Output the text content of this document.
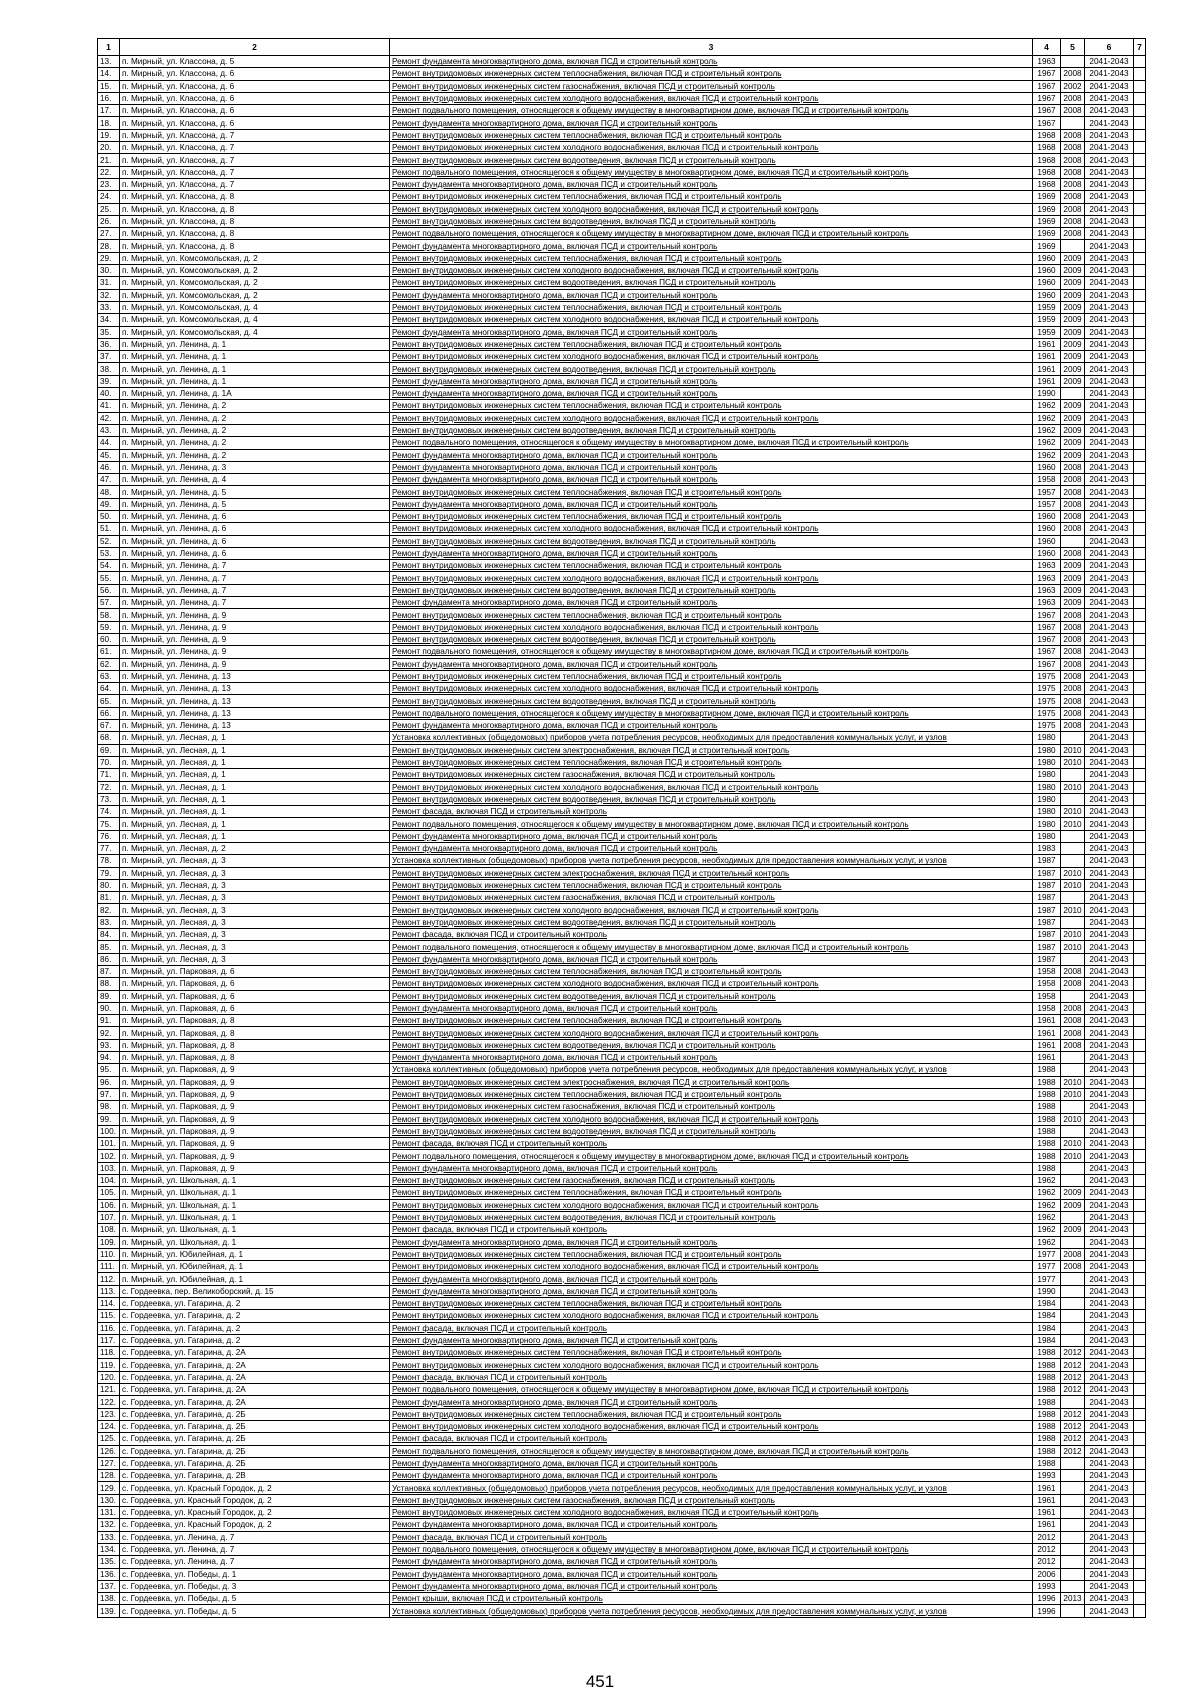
1	2	3	4	5	6	7
13.	п. Мирный, ул. Классона, д. 5	Ремонт фундамента многоквартирного дома, включая ПСД и строительный контроль	1963		2041-2043	
14.	п. Мирный, ул. Классона, д. 6	Ремонт внутридомовых инженерных систем теплоснабжения, включая ПСД и строительный контроль	1967	2008	2041-2043	
15.	п. Мирный, ул. Классона, д. 6	Ремонт внутридомовых инженерных систем газоснабжения, включая ПСД и строительный контроль	1967	2002	2041-2043	
16.	п. Мирный, ул. Классона, д. 6	Ремонт внутридомовых инженерных систем холодного водоснабжения, включая ПСД и строительный контроль	1967	2008	2041-2043	
17.	п. Мирный, ул. Классона, д. 6	Ремонт подвального помещения, относящегося к общему имуществу в многоквартирном доме, включая ПСД и строительный контроль	1967	2008	2041-2043	
18.	п. Мирный, ул. Классона, д. 6	Ремонт фундамента многоквартирного дома, включая ПСД и строительный контроль	1967		2041-2043	
19.	п. Мирный, ул. Классона, д. 7	Ремонт внутридомовых инженерных систем теплоснабжения, включая ПСД и строительный контроль	1968	2008	2041-2043	
20.	п. Мирный, ул. Классона, д. 7	Ремонт внутридомовых инженерных систем холодного водоснабжения, включая ПСД и строительный контроль	1968	2008	2041-2043	
21.	п. Мирный, ул. Классона, д. 7	Ремонт внутридомовых инженерных систем водоотведения, включая ПСД и строительный контроль	1968	2008	2041-2043	
22.	п. Мирный, ул. Классона, д. 7	Ремонт подвального помещения, относящегося к общему имуществу в многоквартирном доме, включая ПСД и строительный контроль	1968	2008	2041-2043	
23.	п. Мирный, ул. Классона, д. 7	Ремонт фундамента многоквартирного дома, включая ПСД и строительный контроль	1968	2008	2041-2043	
24.	п. Мирный, ул. Классона, д. 8	Ремонт внутридомовых инженерных систем теплоснабжения, включая ПСД и строительный контроль	1969	2008	2041-2043	
25.	п. Мирный, ул. Классона, д. 8	Ремонт внутридомовых инженерных систем холодного водоснабжения, включая ПСД и строительный контроль	1969	2008	2041-2043	
26.	п. Мирный, ул. Классона, д. 8	Ремонт внутридомовых инженерных систем водоотведения, включая ПСД и строительный контроль	1969	2008	2041-2043	
27.	п. Мирный, ул. Классона, д. 8	Ремонт подвального помещения, относящегося к общему имуществу в многоквартирном доме, включая ПСД и строительный контроль	1969	2008	2041-2043	
28.	п. Мирный, ул. Классона, д. 8	Ремонт фундамента многоквартирного дома, включая ПСД и строительный контроль	1969		2041-2043	
29.	п. Мирный, ул. Комсомольская, д. 2	Ремонт внутридомовых инженерных систем теплоснабжения, включая ПСД и строительный контроль	1960	2009	2041-2043	
30.	п. Мирный, ул. Комсомольская, д. 2	Ремонт внутридомовых инженерных систем холодного водоснабжения, включая ПСД и строительный контроль	1960	2009	2041-2043	
31.	п. Мирный, ул. Комсомольская, д. 2	Ремонт внутридомовых инженерных систем водоотведения, включая ПСД и строительный контроль	1960	2009	2041-2043	
32.	п. Мирный, ул. Комсомольская, д. 2	Ремонт фундамента многоквартирного дома, включая ПСД и строительный контроль	1960	2009	2041-2043	
33.	п. Мирный, ул. Комсомольская, д. 4	Ремонт внутридомовых инженерных систем теплоснабжения, включая ПСД и строительный контроль	1959	2009	2041-2043	
34.	п. Мирный, ул. Комсомольская, д. 4	Ремонт внутридомовых инженерных систем холодного водоснабжения, включая ПСД и строительный контроль	1959	2009	2041-2043	
35.	п. Мирный, ул. Комсомольская, д. 4	Ремонт фундамента многоквартирного дома, включая ПСД и строительный контроль	1959	2009	2041-2043	
36.	п. Мирный, ул. Ленина, д. 1	Ремонт внутридомовых инженерных систем теплоснабжения, включая ПСД и строительный контроль	1961	2009	2041-2043	
37.	п. Мирный, ул. Ленина, д. 1	Ремонт внутридомовых инженерных систем холодного водоснабжения, включая ПСД и строительный контроль	1961	2009	2041-2043	
38.	п. Мирный, ул. Ленина, д. 1	Ремонт внутридомовых инженерных систем водоотведения, включая ПСД и строительный контроль	1961	2009	2041-2043	
39.	п. Мирный, ул. Ленина, д. 1	Ремонт фундамента многоквартирного дома, включая ПСД и строительный контроль	1961	2009	2041-2043	
40.	п. Мирный, ул. Ленина, д. 1А	Ремонт фундамента многоквартирного дома, включая ПСД и строительный контроль	1990		2041-2043	
41.	п. Мирный, ул. Ленина, д. 2	Ремонт внутридомовых инженерных систем теплоснабжения, включая ПСД и строительный контроль	1962	2009	2041-2043	
42.	п. Мирный, ул. Ленина, д. 2	Ремонт внутридомовых инженерных систем холодного водоснабжения, включая ПСД и строительный контроль	1962	2009	2041-2043	
43.	п. Мирный, ул. Ленина, д. 2	Ремонт внутридомовых инженерных систем водоотведения, включая ПСД и строительный контроль	1962	2009	2041-2043	
44.	п. Мирный, ул. Ленина, д. 2	Ремонт подвального помещения, относящегося к общему имуществу в многоквартирном доме, включая ПСД и строительный контроль	1962	2009	2041-2043	
45.	п. Мирный, ул. Ленина, д. 2	Ремонт фундамента многоквартирного дома, включая ПСД и строительный контроль	1962	2009	2041-2043	
46.	п. Мирный, ул. Ленина, д. 3	Ремонт фундамента многоквартирного дома, включая ПСД и строительный контроль	1960	2008	2041-2043	
47.	п. Мирный, ул. Ленина, д. 4	Ремонт фундамента многоквартирного дома, включая ПСД и строительный контроль	1958	2008	2041-2043	
48.	п. Мирный, ул. Ленина, д. 5	Ремонт внутридомовых инженерных систем теплоснабжения, включая ПСД и строительный контроль	1957	2008	2041-2043	
49.	п. Мирный, ул. Ленина, д. 5	Ремонт фундамента многоквартирного дома, включая ПСД и строительный контроль	1957	2008	2041-2043	
50.	п. Мирный, ул. Ленина, д. 6	Ремонт внутридомовых инженерных систем теплоснабжения, включая ПСД и строительный контроль	1960	2008	2041-2043	
51.	п. Мирный, ул. Ленина, д. 6	Ремонт внутридомовых инженерных систем холодного водоснабжения, включая ПСД и строительный контроль	1960	2008	2041-2043	
52.	п. Мирный, ул. Ленина, д. 6	Ремонт внутридомовых инженерных систем водоотведения, включая ПСД и строительный контроль	1960		2041-2043	
53.	п. Мирный, ул. Ленина, д. 6	Ремонт фундамента многоквартирного дома, включая ПСД и строительный контроль	1960	2008	2041-2043	
54.	п. Мирный, ул. Ленина, д. 7	Ремонт внутридомовых инженерных систем теплоснабжения, включая ПСД и строительный контроль	1963	2009	2041-2043	
55.	п. Мирный, ул. Ленина, д. 7	Ремонт внутридомовых инженерных систем холодного водоснабжения, включая ПСД и строительный контроль	1963	2009	2041-2043	
56.	п. Мирный, ул. Ленина, д. 7	Ремонт внутридомовых инженерных систем водоотведения, включая ПСД и строительный контроль	1963	2009	2041-2043	
57.	п. Мирный, ул. Ленина, д. 7	Ремонт фундамента многоквартирного дома, включая ПСД и строительный контроль	1963	2009	2041-2043	
58.	п. Мирный, ул. Ленина, д. 9	Ремонт внутридомовых инженерных систем теплоснабжения, включая ПСД и строительный контроль	1967	2008	2041-2043	
59.	п. Мирный, ул. Ленина, д. 9	Ремонт внутридомовых инженерных систем холодного водоснабжения, включая ПСД и строительный контроль	1967	2008	2041-2043	
60.	п. Мирный, ул. Ленина, д. 9	Ремонт внутридомовых инженерных систем водоотведения, включая ПСД и строительный контроль	1967	2008	2041-2043	
61.	п. Мирный, ул. Ленина, д. 9	Ремонт подвального помещения, относящегося к общему имуществу в многоквартирном доме, включая ПСД и строительный контроль	1967	2008	2041-2043	
62.	п. Мирный, ул. Ленина, д. 9	Ремонт фундамента многоквартирного дома, включая ПСД и строительный контроль	1967	2008	2041-2043	
63.	п. Мирный, ул. Ленина, д. 13	Ремонт внутридомовых инженерных систем теплоснабжения, включая ПСД и строительный контроль	1975	2008	2041-2043	
64.	п. Мирный, ул. Ленина, д. 13	Ремонт внутридомовых инженерных систем холодного водоснабжения, включая ПСД и строительный контроль	1975	2008	2041-2043	
65.	п. Мирный, ул. Ленина, д. 13	Ремонт внутридомовых инженерных систем водоотведения, включая ПСД и строительный контроль	1975	2008	2041-2043	
66.	п. Мирный, ул. Ленина, д. 13	Ремонт подвального помещения, относящегося к общему имуществу в многоквартирном доме, включая ПСД и строительный контроль	1975	2008	2041-2043	
67.	п. Мирный, ул. Ленина, д. 13	Ремонт фундамента многоквартирного дома, включая ПСД и строительный контроль	1975	2008	2041-2043	
68.	п. Мирный, ул. Лесная, д. 1	Установка коллективных (общедомовых) приборов учета потребления ресурсов, необходимых для предоставления коммунальных услуг, и узлов	1980		2041-2043	
69.	п. Мирный, ул. Лесная, д. 1	Ремонт внутридомовых инженерных систем электроснабжения, включая ПСД и строительный контроль	1980	2010	2041-2043	
70.	п. Мирный, ул. Лесная, д. 1	Ремонт внутридомовых инженерных систем теплоснабжения, включая ПСД и строительный контроль	1980	2010	2041-2043	
71.	п. Мирный, ул. Лесная, д. 1	Ремонт внутридомовых инженерных систем газоснабжения, включая ПСД и строительный контроль	1980		2041-2043	
72.	п. Мирный, ул. Лесная, д. 1	Ремонт внутридомовых инженерных систем холодного водоснабжения, включая ПСД и строительный контроль	1980	2010	2041-2043	
73.	п. Мирный, ул. Лесная, д. 1	Ремонт внутридомовых инженерных систем водоотведения, включая ПСД и строительный контроль	1980		2041-2043	
74.	п. Мирный, ул. Лесная, д. 1	Ремонт фасада, включая ПСД и строительный контроль	1980	2010	2041-2043	
75.	п. Мирный, ул. Лесная, д. 1	Ремонт подвального помещения, относящегося к общему имуществу в многоквартирном доме, включая ПСД и строительный контроль	1980	2010	2041-2043	
76.	п. Мирный, ул. Лесная, д. 1	Ремонт фундамента многоквартирного дома, включая ПСД и строительный контроль	1980		2041-2043	
77.	п. Мирный, ул. Лесная, д. 2	Ремонт фундамента многоквартирного дома, включая ПСД и строительный контроль	1983		2041-2043	
78.	п. Мирный, ул. Лесная, д. 3	Установка коллективных (общедомовых) приборов учета потребления ресурсов, необходимых для предоставления коммунальных услуг, и узлов	1987		2041-2043	
79.	п. Мирный, ул. Лесная, д. 3	Ремонт внутридомовых инженерных систем электроснабжения, включая ПСД и строительный контроль	1987	2010	2041-2043	
80.	п. Мирный, ул. Лесная, д. 3	Ремонт внутридомовых инженерных систем теплоснабжения, включая ПСД и строительный контроль	1987	2010	2041-2043	
81.	п. Мирный, ул. Лесная, д. 3	Ремонт внутридомовых инженерных систем газоснабжения, включая ПСД и строительный контроль	1987		2041-2043	
82.	п. Мирный, ул. Лесная, д. 3	Ремонт внутридомовых инженерных систем холодного водоснабжения, включая ПСД и строительный контроль	1987	2010	2041-2043	
83.	п. Мирный, ул. Лесная, д. 3	Ремонт внутридомовых инженерных систем водоотведения, включая ПСД и строительный контроль	1987		2041-2043	
84.	п. Мирный, ул. Лесная, д. 3	Ремонт фасада, включая ПСД и строительный контроль	1987	2010	2041-2043	
85.	п. Мирный, ул. Лесная, д. 3	Ремонт подвального помещения, относящегося к общему имуществу в многоквартирном доме, включая ПСД и строительный контроль	1987	2010	2041-2043	
86.	п. Мирный, ул. Лесная, д. 3	Ремонт фундамента многоквартирного дома, включая ПСД и строительный контроль	1987		2041-2043	
87.	п. Мирный, ул. Парковая, д. 6	Ремонт внутридомовых инженерных систем теплоснабжения, включая ПСД и строительный контроль	1958	2008	2041-2043	
88.	п. Мирный, ул. Парковая, д. 6	Ремонт внутридомовых инженерных систем холодного водоснабжения, включая ПСД и строительный контроль	1958	2008	2041-2043	
89.	п. Мирный, ул. Парковая, д. 6	Ремонт внутридомовых инженерных систем водоотведения, включая ПСД и строительный контроль	1958		2041-2043	
90.	п. Мирный, ул. Парковая, д. 6	Ремонт фундамента многоквартирного дома, включая ПСД и строительный контроль	1958	2008	2041-2043	
91.	п. Мирный, ул. Парковая, д. 8	Ремонт внутридомовых инженерных систем теплоснабжения, включая ПСД и строительный контроль	1961	2008	2041-2043	
92.	п. Мирный, ул. Парковая, д. 8	Ремонт внутридомовых инженерных систем холодного водоснабжения, включая ПСД и строительный контроль	1961	2008	2041-2043	
93.	п. Мирный, ул. Парковая, д. 8	Ремонт внутридомовых инженерных систем водоотведения, включая ПСД и строительный контроль	1961	2008	2041-2043	
94.	п. Мирный, ул. Парковая, д. 8	Ремонт фундамента многоквартирного дома, включая ПСД и строительный контроль	1961		2041-2043	
95.	п. Мирный, ул. Парковая, д. 9	Установка коллективных (общедомовых) приборов учета потребления ресурсов, необходимых для предоставления коммунальных услуг, и узлов	1988		2041-2043	
96.	п. Мирный, ул. Парковая, д. 9	Ремонт внутридомовых инженерных систем электроснабжения, включая ПСД и строительный контроль	1988	2010	2041-2043	
97.	п. Мирный, ул. Парковая, д. 9	Ремонт внутридомовых инженерных систем теплоснабжения, включая ПСД и строительный контроль	1988	2010	2041-2043	
98.	п. Мирный, ул. Парковая, д. 9	Ремонт внутридомовых инженерных систем газоснабжения, включая ПСД и строительный контроль	1988		2041-2043	
99.	п. Мирный, ул. Парковая, д. 9	Ремонт внутридомовых инженерных систем холодного водоснабжения, включая ПСД и строительный контроль	1988	2010	2041-2043	
100.	п. Мирный, ул. Парковая, д. 9	Ремонт внутридомовых инженерных систем водоотведения, включая ПСД и строительный контроль	1988		2041-2043	
101.	п. Мирный, ул. Парковая, д. 9	Ремонт фасада, включая ПСД и строительный контроль	1988	2010	2041-2043	
102.	п. Мирный, ул. Парковая, д. 9	Ремонт подвального помещения, относящегося к общему имуществу в многоквартирном доме, включая ПСД и строительный контроль	1988	2010	2041-2043	
103.	п. Мирный, ул. Парковая, д. 9	Ремонт фундамента многоквартирного дома, включая ПСД и строительный контроль	1988		2041-2043	
104.	п. Мирный, ул. Школьная, д. 1	Ремонт внутридомовых инженерных систем газоснабжения, включая ПСД и строительный контроль	1962		2041-2043	
105.	п. Мирный, ул. Школьная, д. 1	Ремонт внутридомовых инженерных систем теплоснабжения, включая ПСД и строительный контроль	1962	2009	2041-2043	
106.	п. Мирный, ул. Школьная, д. 1	Ремонт внутридомовых инженерных систем холодного водоснабжения, включая ПСД и строительный контроль	1962	2009	2041-2043	
107.	п. Мирный, ул. Школьная, д. 1	Ремонт внутридомовых инженерных систем водоотведения, включая ПСД и строительный контроль	1962		2041-2043	
108.	п. Мирный, ул. Школьная, д. 1	Ремонт фасада, включая ПСД и строительный контроль	1962	2009	2041-2043	
109.	п. Мирный, ул. Школьная, д. 1	Ремонт фундамента многоквартирного дома, включая ПСД и строительный контроль	1962		2041-2043	
110.	п. Мирный, ул. Юбилейная, д. 1	Ремонт внутридомовых инженерных систем теплоснабжения, включая ПСД и строительный контроль	1977	2008	2041-2043	
111.	п. Мирный, ул. Юбилейная, д. 1	Ремонт внутридомовых инженерных систем холодного водоснабжения, включая ПСД и строительный контроль	1977	2008	2041-2043	
112.	п. Мирный, ул. Юбилейная, д. 1	Ремонт фундамента многоквартирного дома, включая ПСД и строительный контроль	1977		2041-2043	
113.	с. Гордеевка, пер. Великоборский, д. 15	Ремонт фундамента многоквартирного дома, включая ПСД и строительный контроль	1990		2041-2043	
114.	с. Гордеевка, ул. Гагарина, д. 2	Ремонт внутридомовых инженерных систем теплоснабжения, включая ПСД и строительный контроль	1984		2041-2043	
115.	с. Гордеевка, ул. Гагарина, д. 2	Ремонт внутридомовых инженерных систем холодного водоснабжения, включая ПСД и строительный контроль	1984		2041-2043	
116.	с. Гордеевка, ул. Гагарина, д. 2	Ремонт фасада, включая ПСД и строительный контроль	1984		2041-2043	
117.	с. Гордеевка, ул. Гагарина, д. 2	Ремонт фундамента многоквартирного дома, включая ПСД и строительный контроль	1984		2041-2043	
118.	с. Гордеевка, ул. Гагарина, д. 2А	Ремонт внутридомовых инженерных систем теплоснабжения, включая ПСД и строительный контроль	1988	2012	2041-2043	
119.	с. Гордеевка, ул. Гагарина, д. 2А	Ремонт внутридомовых инженерных систем холодного водоснабжения, включая ПСД и строительный контроль	1988	2012	2041-2043	
120.	с. Гордеевка, ул. Гагарина, д. 2А	Ремонт фасада, включая ПСД и строительный контроль	1988	2012	2041-2043	
121.	с. Гордеевка, ул. Гагарина, д. 2А	Ремонт подвального помещения, относящегося к общему имуществу в многоквартирном доме, включая ПСД и строительный контроль	1988	2012	2041-2043	
122.	с. Гордеевка, ул. Гагарина, д. 2А	Ремонт фундамента многоквартирного дома, включая ПСД и строительный контроль	1988		2041-2043	
123.	с. Гордеевка, ул. Гагарина, д. 2Б	Ремонт внутридомовых инженерных систем теплоснабжения, включая ПСД и строительный контроль	1988	2012	2041-2043	
124.	с. Гордеевка, ул. Гагарина, д. 2Б	Ремонт внутридомовых инженерных систем холодного водоснабжения, включая ПСД и строительный контроль	1988	2012	2041-2043	
125.	с. Гордеевка, ул. Гагарина, д. 2Б	Ремонт фасада, включая ПСД и строительный контроль	1988	2012	2041-2043	
126.	с. Гордеевка, ул. Гагарина, д. 2Б	Ремонт подвального помещения, относящегося к общему имуществу в многоквартирном доме, включая ПСД и строительный контроль	1988	2012	2041-2043	
127.	с. Гордеевка, ул. Гагарина, д. 2Б	Ремонт фундамента многоквартирного дома, включая ПСД и строительный контроль	1988		2041-2043	
128.	с. Гордеевка, ул. Гагарина, д. 2В	Ремонт фундамента многоквартирного дома, включая ПСД и строительный контроль	1993		2041-2043	
129.	с. Гордеевка, ул. Красный Городок, д. 2	Установка коллективных (общедомовых) приборов учета потребления ресурсов, необходимых для предоставления коммунальных услуг, и узлов	1961		2041-2043	
130.	с. Гордеевка, ул. Красный Городок, д. 2	Ремонт внутридомовых инженерных систем газоснабжения, включая ПСД и строительный контроль	1961		2041-2043	
131.	с. Гордеевка, ул. Красный Городок, д. 2	Ремонт внутридомовых инженерных систем холодного водоснабжения, включая ПСД и строительный контроль	1961		2041-2043	
132.	с. Гордеевка, ул. Красный Городок, д. 2	Ремонт фундамента многоквартирного дома, включая ПСД и строительный контроль	1961		2041-2043	
133.	с. Гордеевка, ул. Ленина, д. 7	Ремонт фасада, включая ПСД и строительный контроль	2012		2041-2043	
134.	с. Гордеевка, ул. Ленина, д. 7	Ремонт подвального помещения, относящегося к общему имуществу в многоквартирном доме, включая ПСД и строительный контроль	2012		2041-2043	
135.	с. Гордеевка, ул. Ленина, д. 7	Ремонт фундамента многоквартирного дома, включая ПСД и строительный контроль	2012		2041-2043	
136.	с. Гордеевка, ул. Победы, д. 1	Ремонт фундамента многоквартирного дома, включая ПСД и строительный контроль	2006		2041-2043	
137.	с. Гордеевка, ул. Победы, д. 3	Ремонт фундамента многоквартирного дома, включая ПСД и строительный контроль	1993		2041-2043	
138.	с. Гордеевка, ул. Победы, д. 5	Ремонт крыши, включая ПСД и строительный контроль	1996	2013	2041-2043	
139.	с. Гордеевка, ул. Победы, д. 5	Установка коллективных (общедомовых) приборов учета потребления ресурсов, необходимых для предоставления коммунальных услуг, и узлов	1996		2041-2043	
451
